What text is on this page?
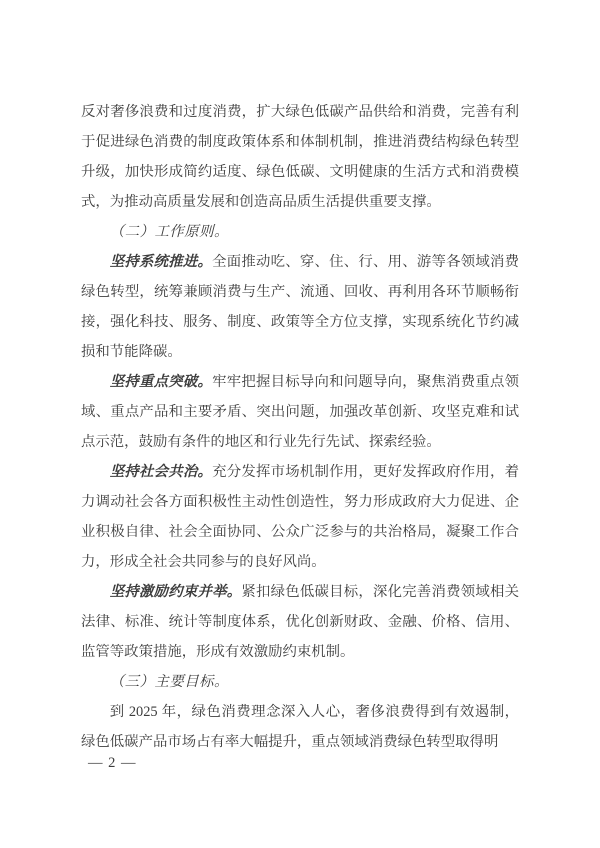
反对奢侈浪费和过度消费，扩大绿色低碳产品供给和消费，完善有利于促进绿色消费的制度政策体系和体制机制，推进消费结构绿色转型升级，加快形成简约适度、绿色低碳、文明健康的生活方式和消费模式，为推动高质量发展和创造高品质生活提供重要支撑。

（二）工作原则。

坚持系统推进。全面推动吃、穿、住、行、用、游等各领域消费绿色转型，统筹兼顾消费与生产、流通、回收、再利用各环节顺畅衔接，强化科技、服务、制度、政策等全方位支撑，实现系统化节约减损和节能降碳。

坚持重点突破。牢牢把握目标导向和问题导向，聚焦消费重点领域、重点产品和主要矛盾、突出问题，加强改革创新、攻坚克难和试点示范，鼓励有条件的地区和行业先行先试、探索经验。

坚持社会共治。充分发挥市场机制作用，更好发挥政府作用，着力调动社会各方面积极性主动性创造性，努力形成政府大力促进、企业积极自律、社会全面协同、公众广泛参与的共治格局，凝聚工作合力，形成全社会共同参与的良好风尚。

坚持激励约束并举。紧扣绿色低碳目标，深化完善消费领域相关法律、标准、统计等制度体系，优化创新财政、金融、价格、信用、监管等政策措施，形成有效激励约束机制。

（三）主要目标。

到 2025 年，绿色消费理念深入人心，奢侈浪费得到有效遏制，绿色低碳产品市场占有率大幅提升，重点领域消费绿色转型取得明

— 2 —
